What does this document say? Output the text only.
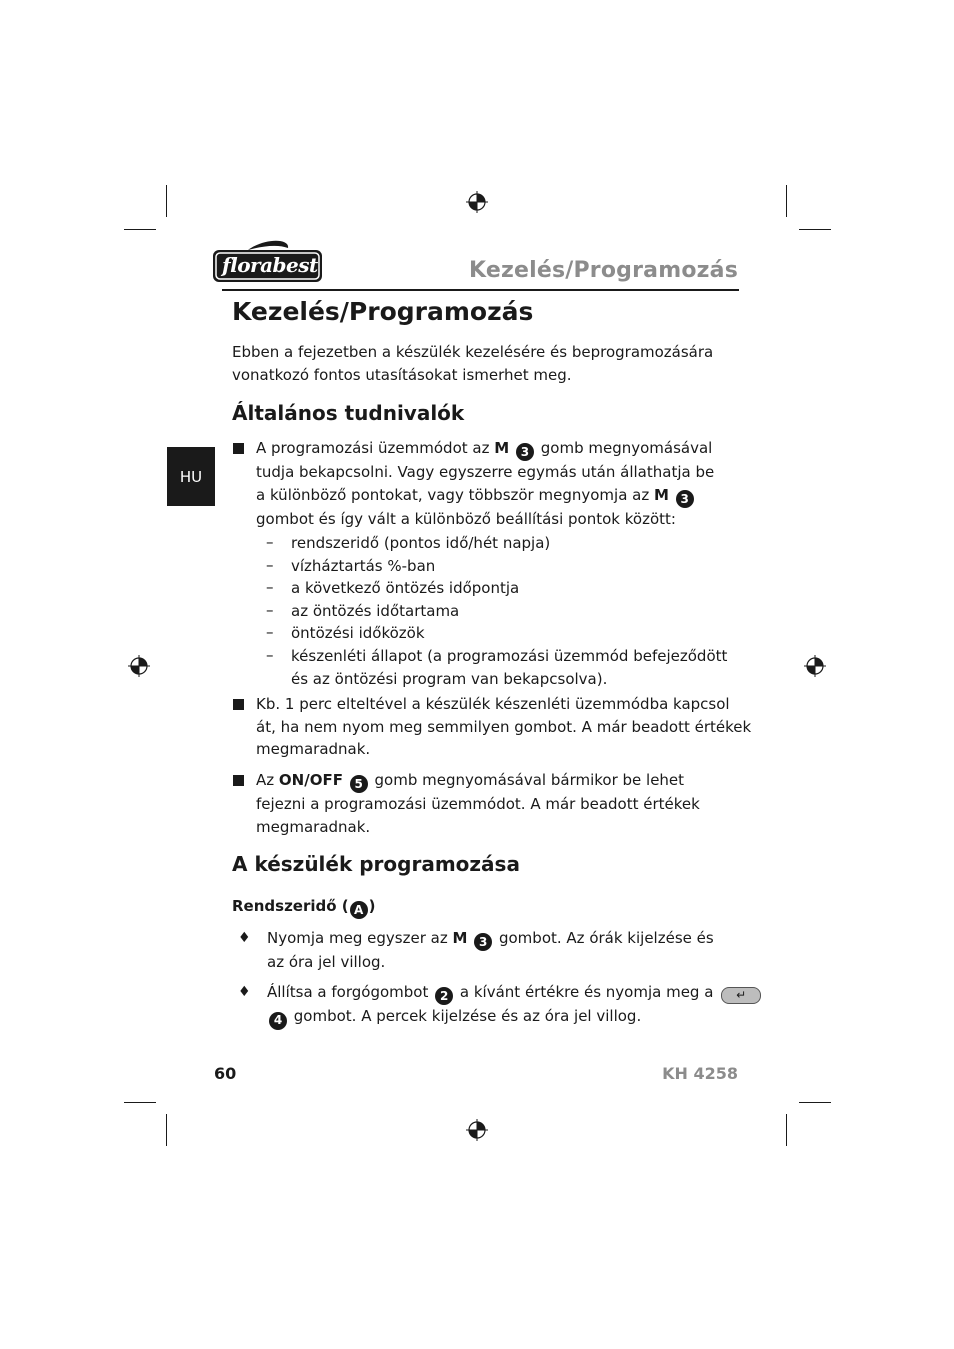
florabest	Kezelés/Programozás
HU
Kezelés/Programozás
Ebben a fejezetben a készülék kezelésére és beprogramozására
vonatkozó fontos utasításokat ismerhet meg.
Általános tudnivalók
A programozási üzemmódot az M 3 gomb megnyomásával
tudja bekapcsolni. Vagy egyszerre egymás után állathatja be
a különböző pontokat, vagy többször megnyomja az M 3
gombot és így vált a különböző beállítási pontok között:
– rendszeridő (pontos idő/hét napja)
– vízháztartás %-ban
– a következő öntözés időpontja
– az öntözés időtartama
– öntözési időközök
– készenléti állapot (a programozási üzemmód befejeződött
és az öntözési program van bekapcsolva).
Kb. 1 perc elteltével a készülék készenléti üzemmódba kapcsol
át, ha nem nyom meg semmilyen gombot. A már beadott értékek
megmaradnak.
Az ON/OFF 5 gomb megnyomásával bármikor be lehet
fejezni a programozási üzemmódot. A már beadott értékek
megmaradnak.
A készülék programozása
Rendszeridő ( A )
♦ Nyomja meg egyszer az M 3 gombot. Az órák kijelzése és
az óra jel villog.
♦ Állítsa a forgógombot 2 a kívánt értékre és nyomja meg a ↵
4 gombot. A percek kijelzése és az óra jel villog.
60	KH 4258
